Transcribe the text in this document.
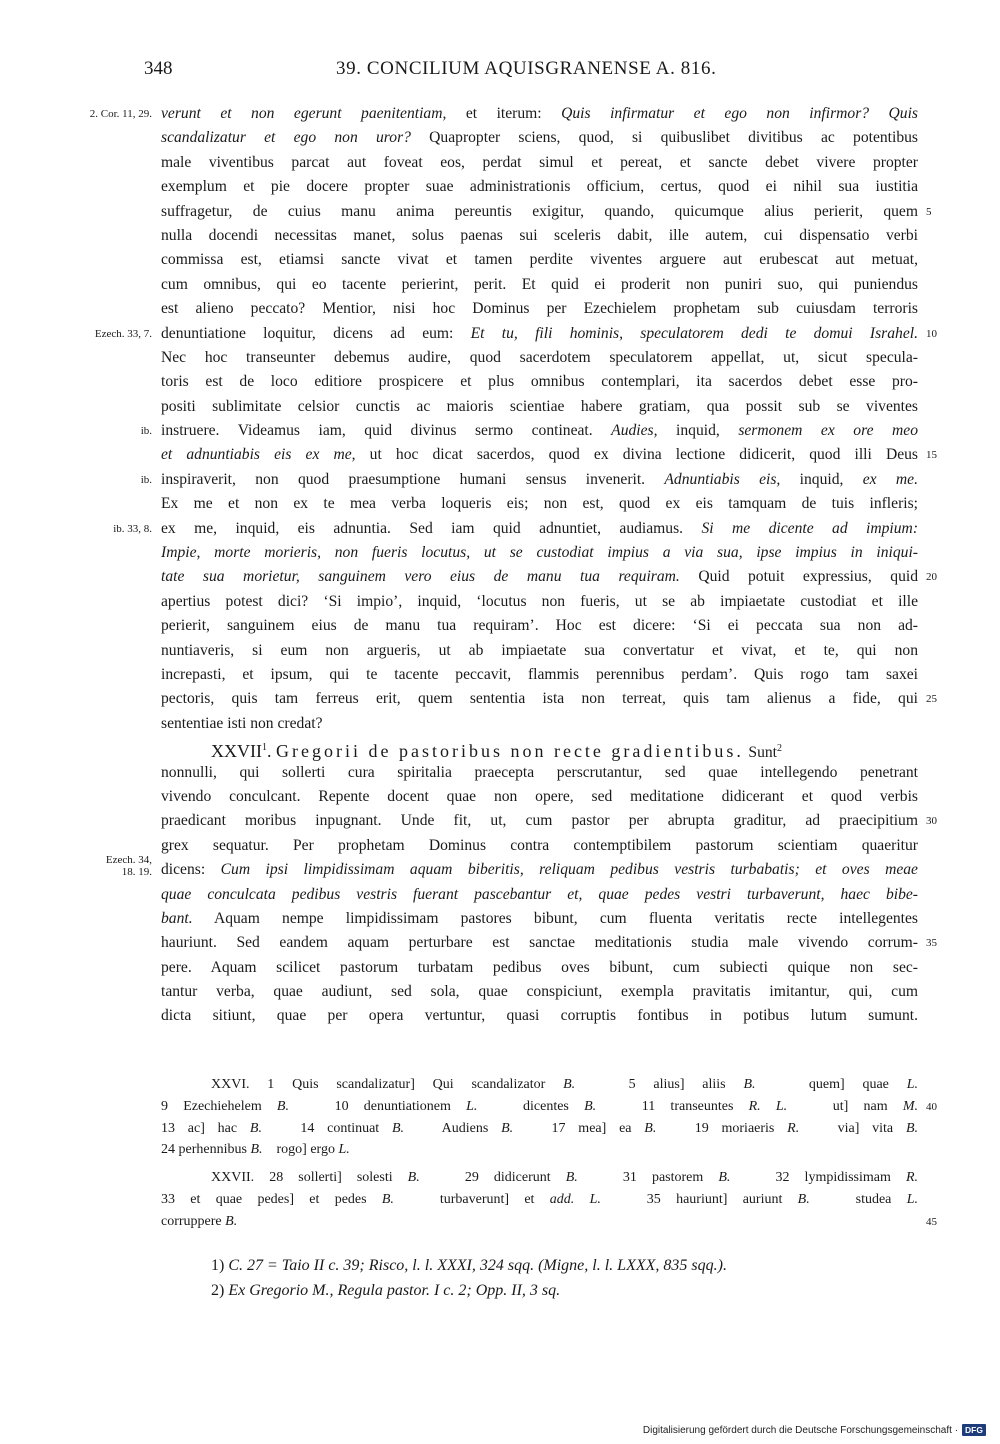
348	39. CONCILIUM AQUISGRANENSE A. 816.
verunt et non egerunt paenitentiam, et iterum: Quis infirmatur et ego non infirmor? Quis
2. Cor. 11, 29.
scandalizatur et ego non uror? Quapropter sciens, quod, si quibuslibet divitibus ac potentibus
male viventibus parcat aut foveat eos, perdat simul et pereat, et sancte debet vivere propter
exemplum et pie docere propter suae administrationis officium, certus, quod ei nihil sua iustitia
suffragetur, de cuius manu anima pereuntis exigitur, quando, quicumque alius perierit, quem 5
nulla docendi necessitas manet, solus paenas sui sceleris dabit, ille autem, cui dispensatio verbi
commissa est, etiamsi sancte vivat et tamen perdite viventes arguere aut erubescat aut metuat,
cum omnibus, qui eo tacente perierint, perit. Et quid ei proderit non puniri suo, qui puniendus
est alieno peccato? Mentior, nisi hoc Dominus per Ezechielem prophetam sub cuiusdam terroris
denuntiatione loquitur, dicens ad eum: Et tu, fili hominis, speculatorem dedi te domui Israhel.
Ezech. 33, 7.	10
Nec hoc transeunter debemus audire, quod sacerdotem speculatorem appellat, ut, sicut specula-
toris est de loco editiore prospicere et plus omnibus contemplari, ita sacerdos debet esse pro-
positi sublimitate celsior cunctis ac maioris scientiae habere gratiam, qua possit sub se viventes
instruere. Videamus iam, quid divinus sermo contineat. Audies, inquid, sermonem ex ore meo
ib.
et adnuntiabis eis ex me, ut hoc dicat sacerdos, quod ex divina lectione didicerit, quod illi Deus 15
inspiraverit, non quod praesumptione humani sensus invenerit. Adnuntiabis eis, inquid, ex me.
ib.
Ex me et non ex te mea verba loqueris eis; non est, quod ex eis tamquam de tuis infleris;
ex me, inquid, eis adnuntia. Sed iam quid adnuntiet, audiamus. Si me dicente ad impium:
ib. 33, 8.
Impie, morte morieris, non fueris locutus, ut se custodiat impius a via sua, ipse impius in iniqui-
tate sua morietur, sanguinem vero eius de manu tua requiram. Quid potuit expressius, quid 20
apertius potest dici? ‘Si impio’, inquid, ‘locutus non fueris, ut se ab impiaetate custodiat et ille
perierit, sanguinem eius de manu tua requiram’. Hoc est dicere: ‘Si ei peccata sua non ad-
nuntiaveris, si eum non argueris, ut ab impiaetate sua convertatur et vivat, et te, qui non
increpasti, et ipsum, qui te tacente peccavit, flammis perennibus perdam’. Quis rogo tam saxei
pectoris, quis tam ferreus erit, quem sententia ista non terreat, quis tam alienus a fide, qui 25
sententiae isti non credat?
XXVII$^1$. Gregorii de pastoribus non recte gradientibus. Sunt$^2$
nonnulli, qui sollerti cura spiritalia praecepta perscrutantur, sed quae intellegendo penetrant
vivendo conculcant. Repente docent quae non opere, sed meditatione didicerant et quod verbis
praedicant moribus inpugnant. Unde fit, ut, cum pastor per abrupta graditur, ad praecipitium 30
grex sequatur. Per prophetam Dominus contra contemptibilem pastorum scientiam quaeritur
dicens: Cum ipsi limpidissimam aquam biberitis, reliquam pedibus vestris turbabatis; et oves meae
Ezech. 34,
18. 19.
quae conculcata pedibus vestris fuerant pascebantur et, quae pedes vestri turbaverunt, haec bibe-
bant. Aquam nempe limpidissimam pastores bibunt, cum fluenta veritatis recte intellegentes
hauriunt. Sed eandem aquam perturbare est sanctae meditationis studia male vivendo corrum- 35
pere. Aquam scilicet pastorum turbatam pedibus oves bibunt, cum subiecti quique non sec-
tantur verba, quae audiunt, sed sola, quae conspiciunt, exempla pravitatis imitantur, qui, cum
dicta sitiunt, quae per opera vertuntur, quasi corruptis fontibus in potibus lutum sumunt.
XXVI. 1 Quis scandalizatur] Qui scandalizator B.   5 alius] aliis B.   quem] quae L.
9 Ezechiehelem B.   10 denuntiationem L.   dicentes B.   11 transeuntes R. L.   ut] nam M. 40
13 ac] hac B.   14 continuat B.   Audiens B.   17 mea] ea B.   19 moriaeris R.   via] vita B.
24 perhennibus B.    rogo] ergo L.
XXVII. 28 sollerti] solesti B.   29 didicerunt B.   31 pastorem B.   32 lympidissimam R.
33 et quae pedes] et pedes B.   turbaverunt] et add. L.   35 hauriunt] auriunt B.   studea L.
corruppere B.	45
1) C. 27 = Taio II c. 39; Risco, l. l. XXXI, 324 sqq. (Migne, l. l. LXXX, 835 sqq.).
2) Ex Gregorio M., Regula pastor. I c. 2; Opp. II, 3 sq.
Digitalisierung gefördert durch die Deutsche Forschungsgemeinschaft · DFG
